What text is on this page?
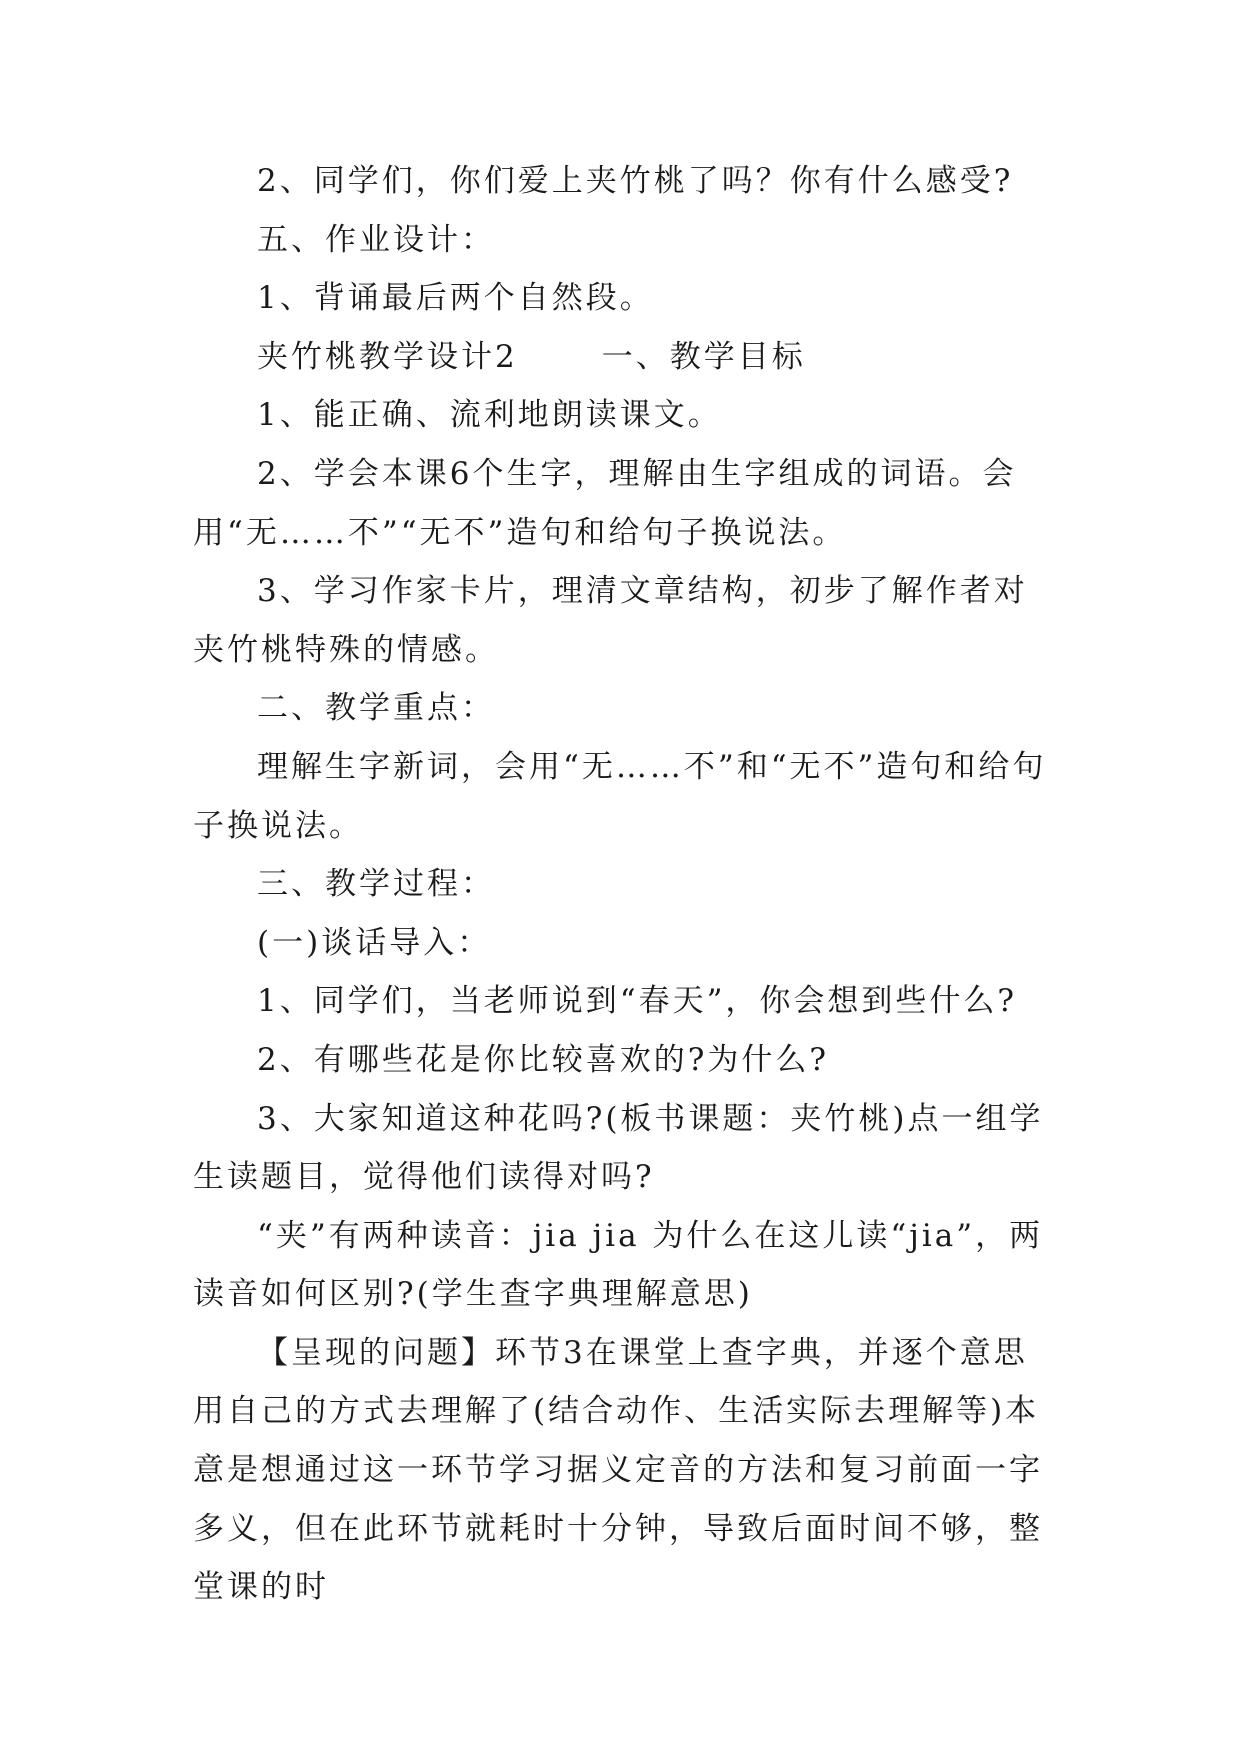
2、同学们，你们爱上夹竹桃了吗？你有什么感受?

五、作业设计：

1、背诵最后两个自然段。

夹竹桃教学设计2	一、教学目标

1、能正确、流利地朗读课文。

2、学会本课6个生字，理解由生字组成的词语。会用“无……不”“无不”造句和给句子换说法。

3、学习作家卡片，理清文章结构，初步了解作者对夹竹桃特殊的情感。

二、教学重点：

理解生字新词，会用“无……不”和“无不”造句和给句子换说法。

三、教学过程：

(一)谈话导入：

1、同学们，当老师说到“春天”，你会想到些什么?

2、有哪些花是你比较喜欢的?为什么?

3、大家知道这种花吗?(板书课题：夹竹桃)点一组学生读题目，觉得他们读得对吗?

“夹”有两种读音：jia jia 为什么在这儿读“jia”，两读音如何区别?(学生查字典理解意思)

【呈现的问题】环节3在课堂上查字典，并逐个意思用自己的方式去理解了(结合动作、生活实际去理解等)本意是想通过这一环节学习据义定音的方法和复习前面一字多义，但在此环节就耗时十分钟，导致后面时间不够，整堂课的时
